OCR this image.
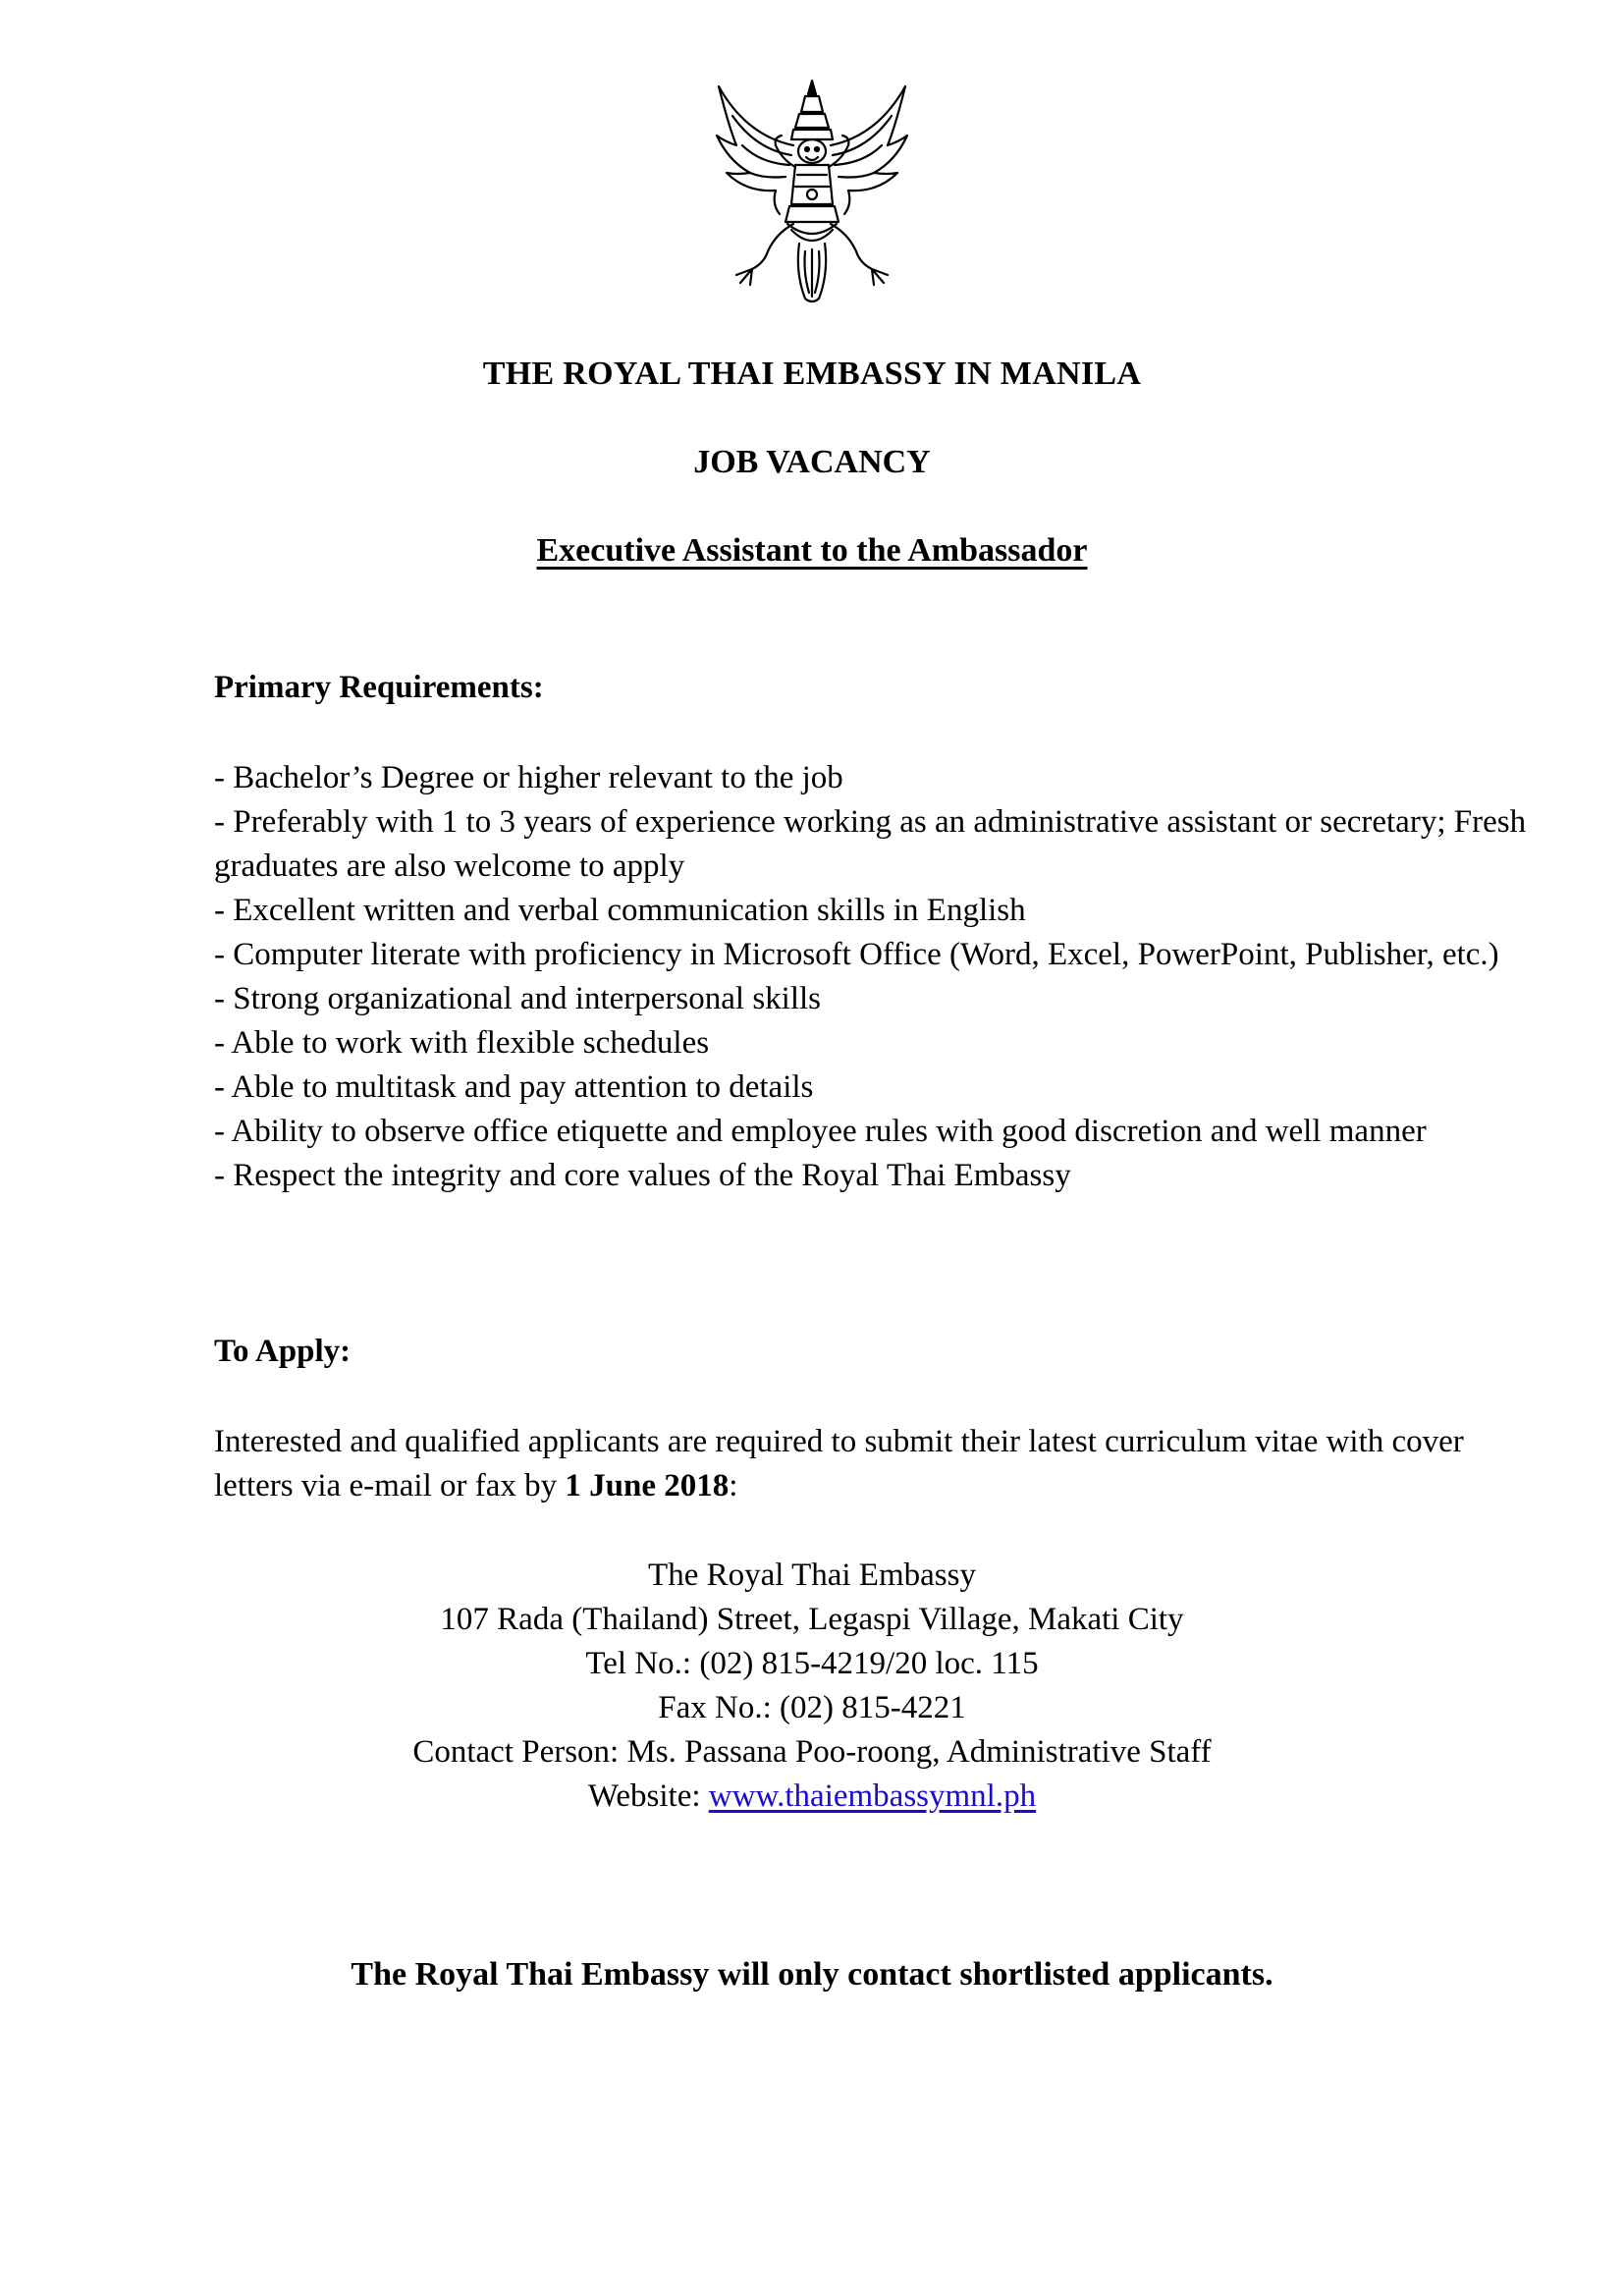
THE ROYAL THAI EMBASSY IN MANILA
JOB VACANCY
Executive Assistant to the Ambassador
Primary Requirements:
- Bachelor’s Degree or higher relevant to the job
- Preferably with 1 to 3 years of experience working as an administrative assistant or secretary; Fresh graduates are also welcome to apply
- Excellent written and verbal communication skills in English
- Computer literate with proficiency in Microsoft Office (Word, Excel, PowerPoint, Publisher, etc.)
- Strong organizational and interpersonal skills
- Able to work with flexible schedules
- Able to multitask and pay attention to details
- Ability to observe office etiquette and employee rules with good discretion and well manner
- Respect the integrity and core values of the Royal Thai Embassy
To Apply:

Interested and qualified applicants are required to submit their latest curriculum vitae with cover letters via e-mail or fax by 1 June 2018:

The Royal Thai Embassy
107 Rada (Thailand) Street, Legaspi Village, Makati City
Tel No.: (02) 815-4219/20 loc. 115
Fax No.: (02) 815-4221
Contact Person: Ms. Passana Poo-roong, Administrative Staff
Website: www.thaiembassymnl.ph
The Royal Thai Embassy will only contact shortlisted applicants.
